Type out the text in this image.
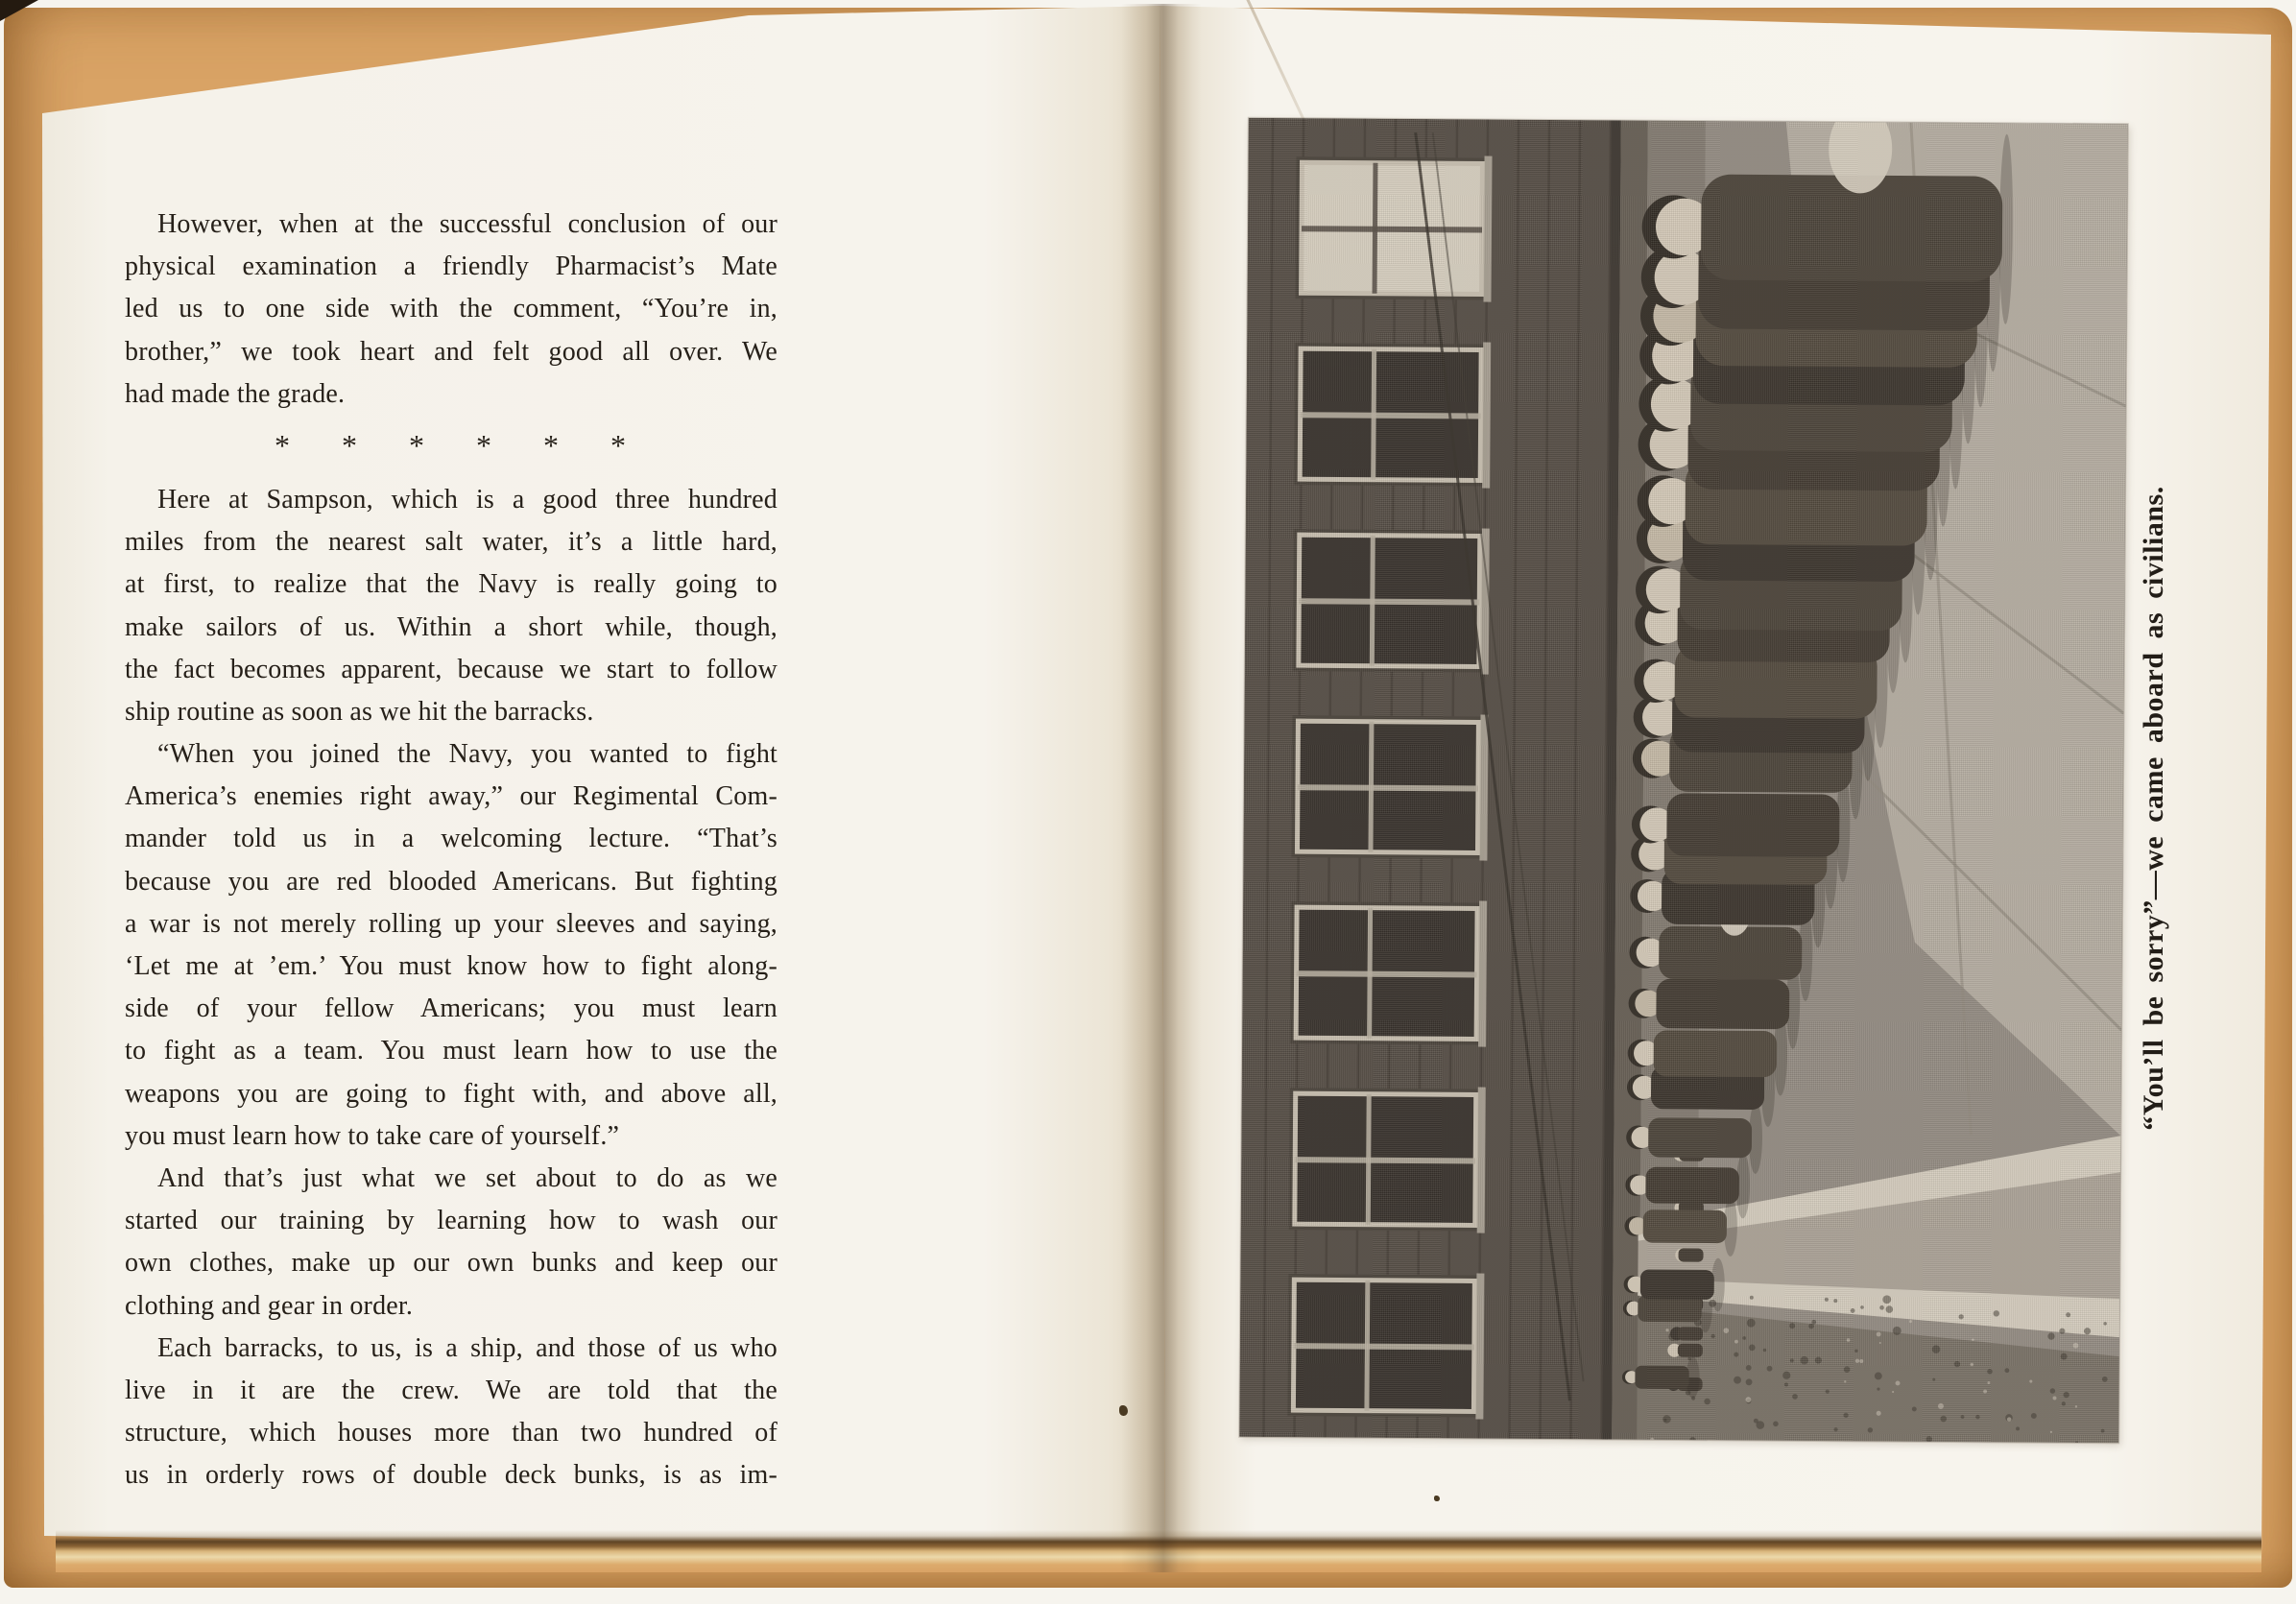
However, when at the successful conclusion of our
physical examination a friendly Pharmacist’s Mate
led us to one side with the comment, “You’re in,
brother,” we took heart and felt good all over. We
had made the grade.
* * * * * *
Here at Sampson, which is a good three hundred
miles from the nearest salt water, it’s a little hard,
at first, to realize that the Navy is really going to
make sailors of us. Within a short while, though,
the fact becomes apparent, because we start to follow
ship routine as soon as we hit the barracks.
“When you joined the Navy, you wanted to fight
America’s enemies right away,” our Regimental Com-
mander told us in a welcoming lecture. “That’s
because you are red blooded Americans. But fighting
a war is not merely rolling up your sleeves and saying,
‘Let me at ’em.’ You must know how to fight along-
side of your fellow Americans; you must learn
to fight as a team. You must learn how to use the
weapons you are going to fight with, and above all,
you must learn how to take care of yourself.”
And that’s just what we set about to do as we
started our training by learning how to wash our
own clothes, make up our own bunks and keep our
clothing and gear in order.
Each barracks, to us, is a ship, and those of us who
live in it are the crew. We are told that the
structure, which houses more than two hundred of
us in orderly rows of double deck bunks, is as im-
“You’ll be sorry”—we came aboard as civilians.
